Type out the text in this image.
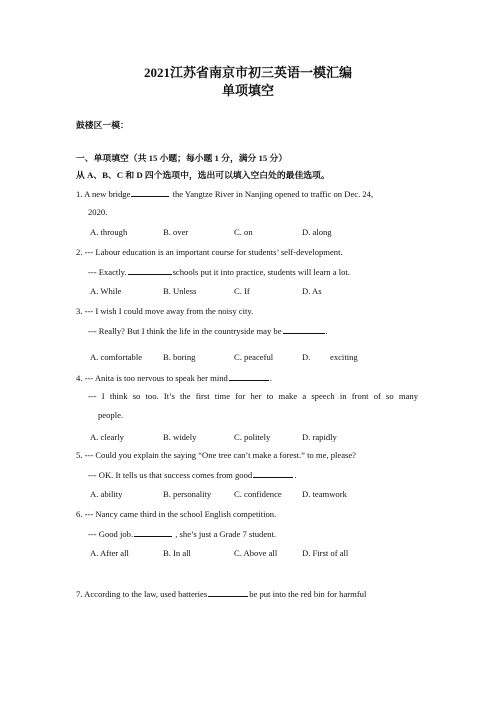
2021江苏省南京市初三英语一模汇编
单项填空
鼓楼区一模：
一、单项填空（共 15 小题；每小题 1 分，满分 15 分）
从 A、B、C 和 D 四个选项中，选出可以填入空白处的最佳选项。
1. A new bridge	the Yangtze River in Nanjing opened to traffic on Dec. 24,
2020.
A. through	B. over	C. on	D. along
2. --- Labour education is an important course for students’ self-development.
--- Exactly.	schools put it into practice, students will learn a lot.
A. While	B. Unless	C. If	D. As
3. --- I wish I could move away from the noisy city.
--- Really? But I think the life in the countryside may be	.
A. comfortable B. boring	C. peaceful	D. exciting
4. --- Anita is too nervous to speak her mind	.
--- I think so too. It’s the first time for her to make a speech in front of so many
people.
A. clearly	B. widely	C. politely	D. rapidly
5. --- Could you explain the saying “One tree can’t make a forest.” to me, please?
--- OK. It tells us that success comes from good	.
A. ability	B. personality	C. confidence D. teamwork
6. --- Nancy came third in the school English competition.
--- Good job.	, she’s just a Grade 7 student.
A. After all	B. In all	C. Above all	D. First of all
7. According to the law, used batteries	be put into the red bin for harmful
